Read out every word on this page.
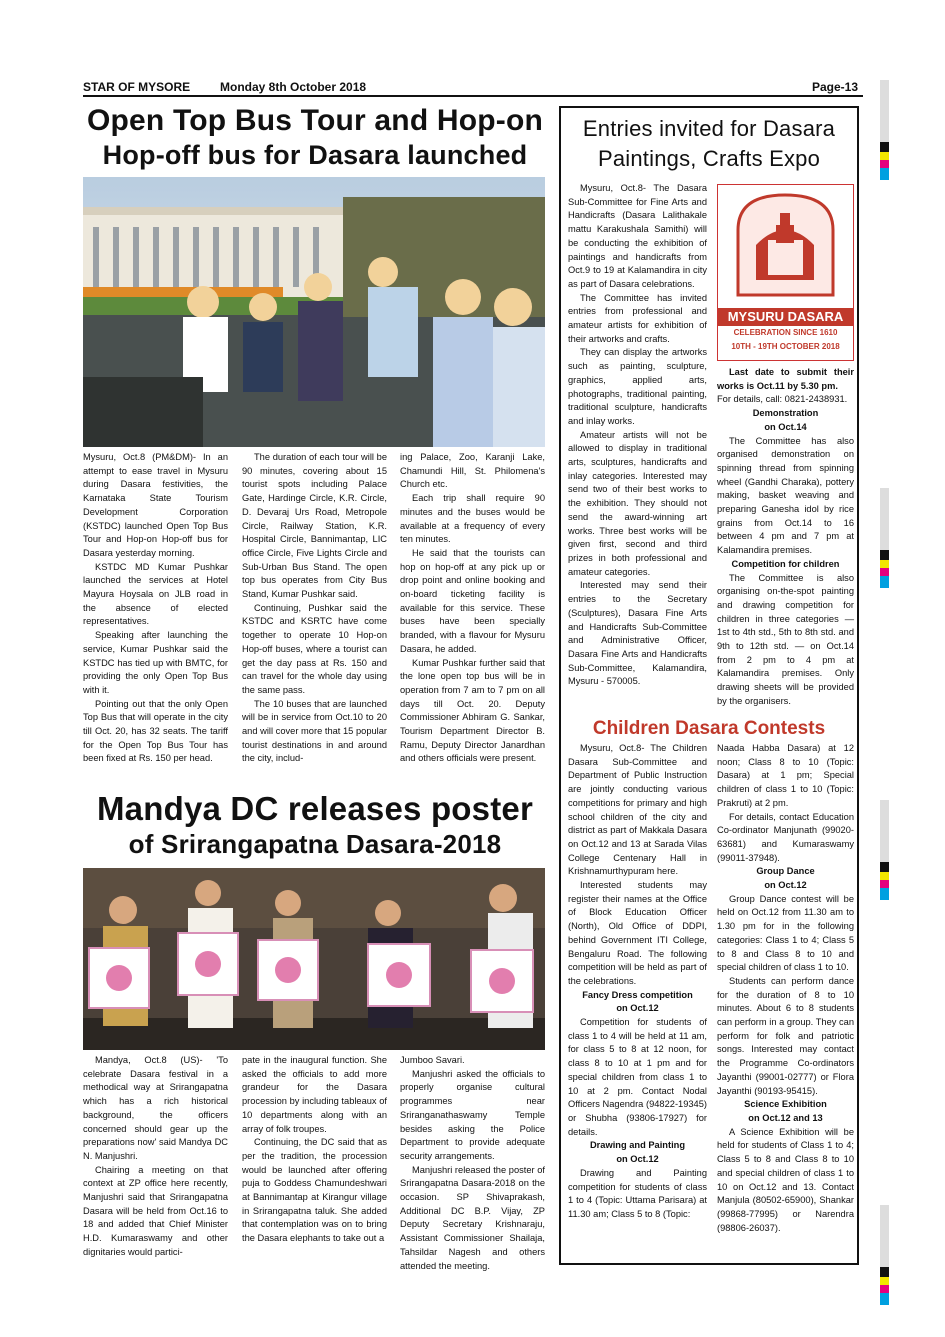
STAR OF MYSORE Monday 8th October 2018	Page-13
Open Top Bus Tour and Hop-on
Hop-off bus for Dasara launched

Mysuru, Oct.8 (PM&DM)- In an attempt to ease travel in Mysuru during Dasara festivities, the Karnataka State Tourism Development Corporation (KSTDC) launched Open Top Bus Tour and Hop-on Hop-off bus for Dasara yesterday morning.

KSTDC MD Kumar Pushkar launched the services at Hotel Mayura Hoysala on JLB road in the absence of elected representatives.

Speaking after launching the service, Kumar Pushkar said the KSTDC has tied up with BMTC, for providing the only Open Top Bus with it.

Pointing out that the only Open Top Bus that will operate in the city till Oct. 20, has 32 seats. The tariff for the Open Top Bus Tour has been fixed at Rs. 150 per head.

The duration of each tour will be 90 minutes, covering about 15 tourist spots including Palace Gate, Hardinge Circle, K.R. Circle, D. Devaraj Urs Road, Metropole Circle, Railway Station, K.R. Hospital Circle, Bannimantap, LIC office Circle, Five Lights Circle and Sub-Urban Bus Stand. The open top bus operates from City Bus Stand, Kumar Pushkar said.

Continuing, Pushkar said the KSTDC and KSRTC have come together to operate 10 Hop-on Hop-off buses, where a tourist can get the day pass at Rs. 150 and can travel for the whole day using the same pass.

The 10 buses that are launched will be in service from Oct.10 to 20 and will cover more that 15 popular tourist destinations in and around the city, includ-

ing Palace, Zoo, Karanji Lake, Chamundi Hill, St. Philomena's Church etc.

Each trip shall require 90 minutes and the buses would be available at a frequency of every ten minutes.

He said that the tourists can hop on hop-off at any pick up or drop point and online booking and on-board ticketing facility is available for this service. These buses have been specially branded, with a flavour for Mysuru Dasara, he added.

Kumar Pushkar further said that the lone open top bus will be in operation from 7 am to 7 pm on all days till Oct. 20. Deputy Commissioner Abhiram G. Sankar, Tourism Department Director B. Ramu, Deputy Director Janardhan and others officials were present.

Mandya DC releases poster
of Srirangapatna Dasara-2018

Mandya, Oct.8 (US)- 'To celebrate Dasara festival in a methodical way at Srirangapatna which has a rich historical background, the officers concerned should gear up the preparations now' said Mandya DC N. Manjushri.

Chairing a meeting on that context at ZP office here recently, Manjushri said that Srirangapatna Dasara will be held from Oct.16 to 18 and added that Chief Minister H.D. Kumaraswamy and other dignitaries would partici-

pate in the inaugural function. She asked the officials to add more grandeur for the Dasara procession by including tableaux of 10 departments along with an array of folk troupes.

Continuing, the DC said that as per the tradition, the procession would be launched after offering puja to Goddess Chamundeshwari at Bannimantap at Kirangur village in Srirangapatna taluk. She added that contemplation was on to bring the Dasara elephants to take out a

Jumboo Savari.

Manjushri asked the officials to properly organise cultural programmes near Sriranganathaswamy Temple besides asking the Police Department to provide adequate security arrangements.

Manjushri released the poster of Srirangapatna Dasara-2018 on the occasion. SP Shivaprakash, Additional DC B.P. Vijay, ZP Deputy Secretary Krishnaraju, Assistant Commissioner Shailaja, Tahsildar Nagesh and others attended the meeting.

Entries invited for Dasara
Paintings, Crafts Expo
MYSURU DASARA
CELEBRATION SINCE 1610
10TH - 19TH OCTOBER 2018

Mysuru, Oct.8- The Dasara Sub-Committee for Fine Arts and Handicrafts (Dasara Lalithakale mattu Karakushala Samithi) will be conducting the exhibition of paintings and handicrafts from Oct.9 to 19 at Kalamandira in city as part of Dasara celebrations.

The Committee has invited entries from professional and amateur artists for exhibition of their artworks and crafts.

They can display the artworks such as painting, sculpture, graphics, applied arts, photographs, traditional painting, traditional sculpture, handicrafts and inlay works.

Amateur artists will not be allowed to display in traditional arts, sculptures, handicrafts and inlay categories. Interested may send two of their best works to the exhibition. They should not send the award-winning art works. Three best works will be given first, second and third prizes in both professional and amateur categories.

Interested may send their entries to the Secretary (Sculptures), Dasara Fine Arts and Handicrafts Sub-Committee and Administrative Officer, Dasara Fine Arts and Handicrafts Sub-Committee, Kalamandira, Mysuru - 570005.

Last date to submit their works is Oct.11 by 5.30 pm.

For details, call: 0821-2438931.

Demonstration

on Oct.14

The Committee has also organised demonstration on spinning thread from spinning wheel (Gandhi Charaka), pottery making, basket weaving and preparing Ganesha idol by rice grains from Oct.14 to 16 between 4 pm and 7 pm at Kalamandira premises.

Competition for children

The Committee is also organising on-the-spot painting and drawing competition for children in three categories — 1st to 4th std., 5th to 8th std. and 9th to 12th std. — on Oct.14 from 2 pm to 4 pm at Kalamandira premises. Only drawing sheets will be provided by the organisers.

Children Dasara Contests

Mysuru, Oct.8- The Children Dasara Sub-Committee and Department of Public Instruction are jointly conducting various competitions for primary and high school children of the city and district as part of Makkala Dasara on Oct.12 and 13 at Sarada Vilas College Centenary Hall in Krishnamurthypuram here.

Interested students may register their names at the Office of Block Education Officer (North), Old Office of DDPI, behind Government ITI College, Bengaluru Road. The following competition will be held as part of the celebrations.

Fancy Dress competition

on Oct.12

Competition for students of class 1 to 4 will be held at 11 am, for class 5 to 8 at 12 noon, for class 8 to 10 at 1 pm and for special children from class 1 to 10 at 2 pm. Contact Nodal Officers Nagendra (94822-19345) or Shubha (93806-17927) for details.

Drawing and Painting

on Oct.12

Drawing and Painting competition for students of class 1 to 4 (Topic: Uttama Parisara) at 11.30 am; Class 5 to 8 (Topic:

Naada Habba Dasara) at 12 noon; Class 8 to 10 (Topic: Dasara) at 1 pm; Special children of class 1 to 10 (Topic: Prakruti) at 2 pm.

For details, contact Education Co-ordinator Manjunath (99020-63681) and Kumaraswamy (99011-37948).

Group Dance

on Oct.12

Group Dance contest will be held on Oct.12 from 11.30 am to 1.30 pm for in the following categories: Class 1 to 4; Class 5 to 8 and Class 8 to 10 and special children of class 1 to 10.

Students can perform dance for the duration of 8 to 10 minutes. About 6 to 8 students can perform in a group. They can perform for folk and patriotic songs. Interested may contact the Programme Co-ordinators Jayanthi (99001-02777) or Flora Jayanthi (90193-95415).

Science Exhibition

on Oct.12 and 13

A Science Exhibition will be held for students of Class 1 to 4; Class 5 to 8 and Class 8 to 10 and special children of class 1 to 10 on Oct.12 and 13. Contact Manjula (80502-65900), Shankar (99868-77995) or Narendra (98806-26037).
